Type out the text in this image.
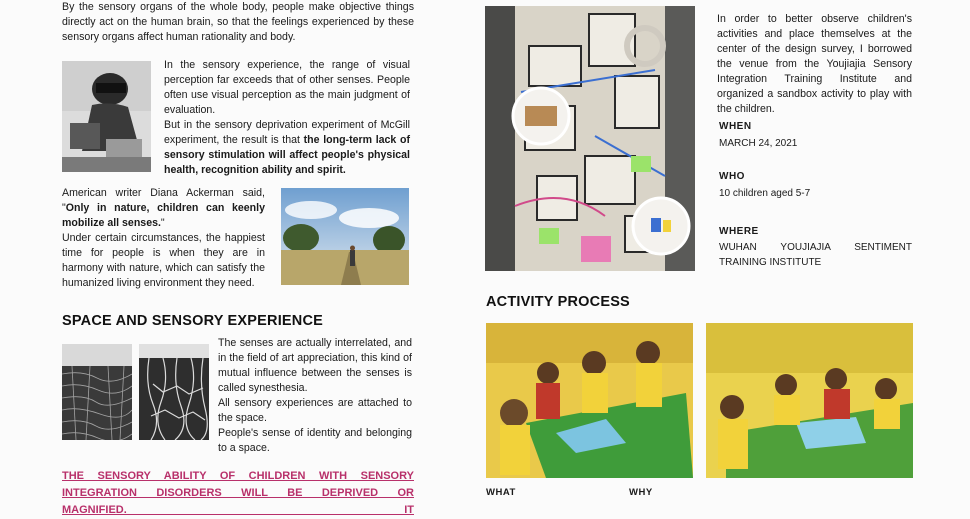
By the sensory organs of the whole body, people make objective things directly act on the human brain, so that the feelings experienced by these sensory organs affect human rationality and body.

In the sensory experience, the range of visual perception far exceeds that of other senses. People often use visual perception as the main judgment of evaluation.

But in the sensory deprivation experiment of McGill experiment, the result is that the long-term lack of sensory stimulation will affect people's physical health, recognition ability and spirit.

American writer Diana Ackerman said, "Only in nature, children can keenly mobilize all senses."

Under certain circumstances, the happiest time for people is when they are in harmony with nature, which can satisfy the humanized living environment they need.

SPACE AND SENSORY EXPERIENCE

The senses are actually interrelated, and in the field of art appreciation, this kind of mutual influence between the senses is called synesthesia.

All sensory experiences are attached to the space.

People's sense of identity and belonging to a space.

THE SENSORY ABILITY OF CHILDREN WITH SENSORY
INTEGRATION DISORDERS WILL BE DEPRIVED OR MAGNIFIED. IT

In order to better observe children's activities and place themselves at the center of the design survey, I borrowed the venue from the Youjiajia Sensory Integration Training Institute and organized a sandbox activity to play with the children.

WHEN
MARCH 24, 2021
WHO
10 children aged 5-7
WHERE
WUHAN YOUJIAJIA SENTIMENT TRAINING INSTITUTE
ACTIVITY PROCESS
WHAT	WHY
